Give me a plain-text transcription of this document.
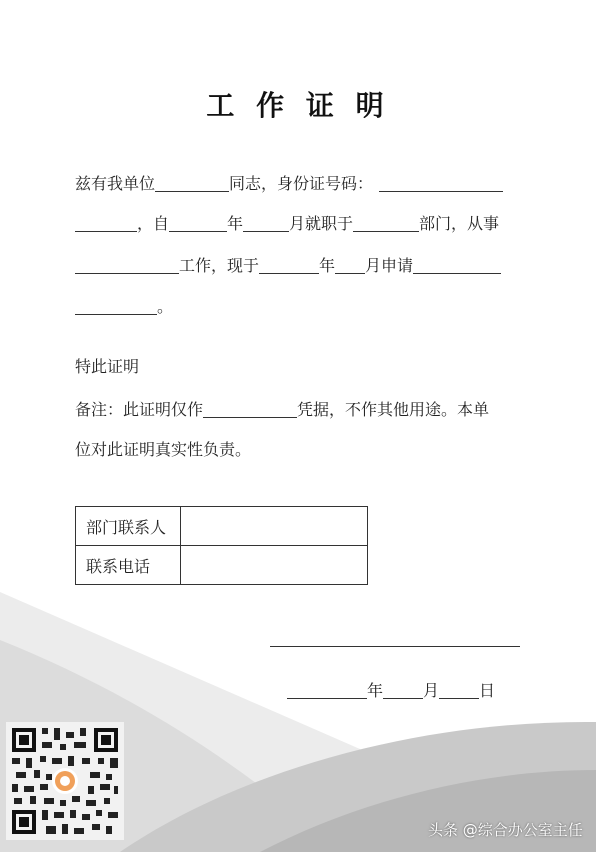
工 作 证 明
兹有我单位	同志，身份证号码：
，自	年	月就职于	部门，从事
工作，现于	年 月申请
。
特此证明
备注：此证明仅作	凭据，不作其他用途。本单
位对此证明真实性负责。
部门联系人	
联系电话	
年	月	日
头条 @综合办公室主任
